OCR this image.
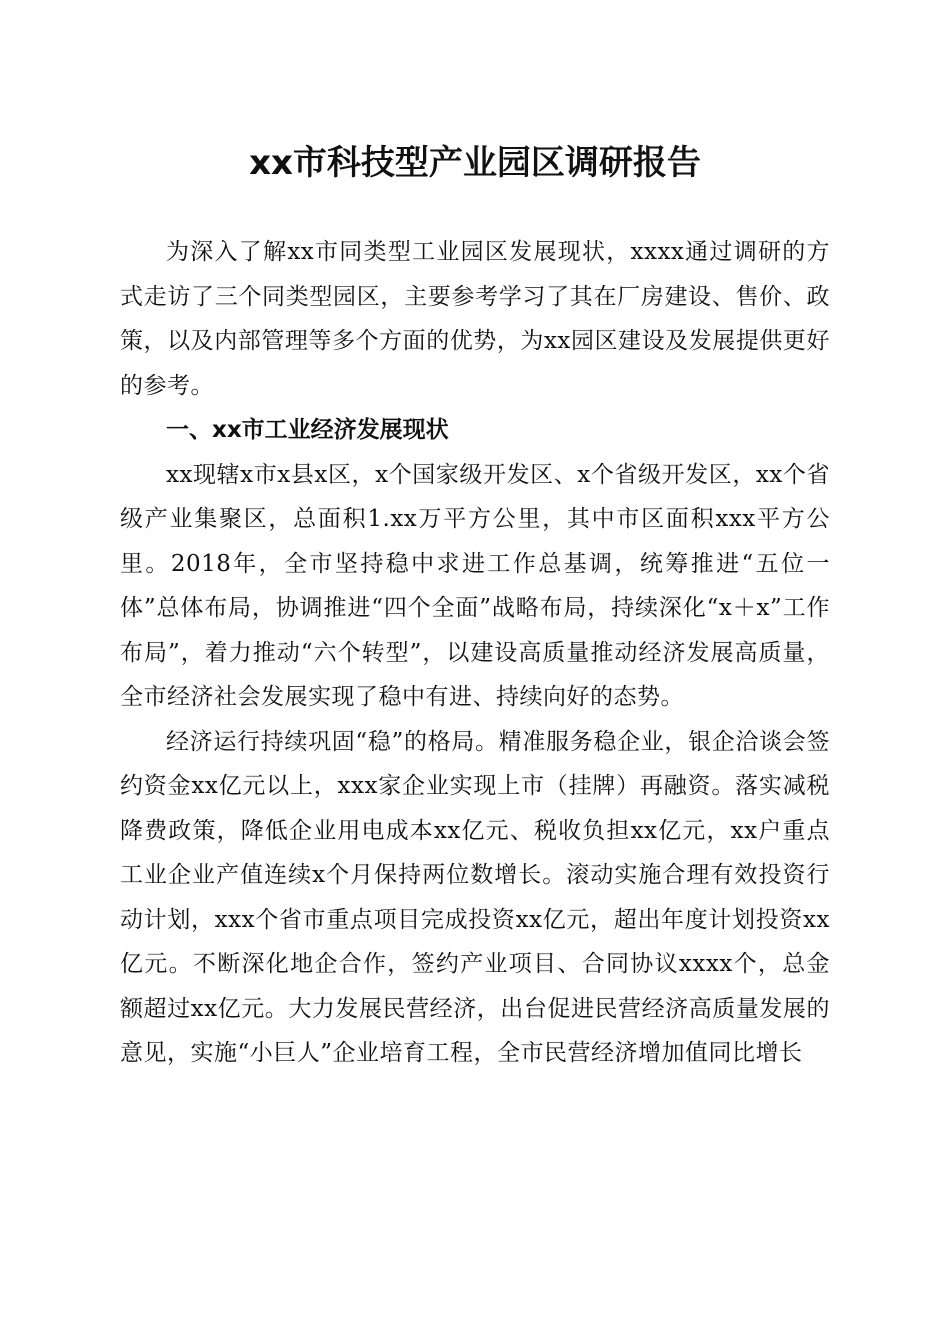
xx市科技型产业园区调研报告

为深入了解xx市同类型工业园区发展现状，xxxx通过调研的方式走访了三个同类型园区，主要参考学习了其在厂房建设、售价、政策，以及内部管理等多个方面的优势，为xx园区建设及发展提供更好的参考。

一、xx市工业经济发展现状

xx现辖x市x县x区，x个国家级开发区、x个省级开发区，xx个省级产业集聚区，总面积1.xx万平方公里，其中市区面积xxx平方公里。2018年，全市坚持稳中求进工作总基调，统筹推进“五位一体”总体布局，协调推进“四个全面”战略布局，持续深化“x＋x”工作布局”，着力推动“六个转型”，以建设高质量推动经济发展高质量，全市经济社会发展实现了稳中有进、持续向好的态势。

经济运行持续巩固“稳”的格局。精准服务稳企业，银企洽谈会签约资金xx亿元以上，xxx家企业实现上市（挂牌）再融资。落实减税降费政策，降低企业用电成本xx亿元、税收负担xx亿元，xx户重点工业企业产值连续x个月保持两位数增长。滚动实施合理有效投资行动计划，xxx个省市重点项目完成投资xx亿元，超出年度计划投资xx亿元。不断深化地企合作，签约产业项目、合同协议xxxx个，总金额超过xx亿元。大力发展民营经济，出台促进民营经济高质量发展的意见，实施“小巨人”企业培育工程，全市民营经济增加值同比增长
